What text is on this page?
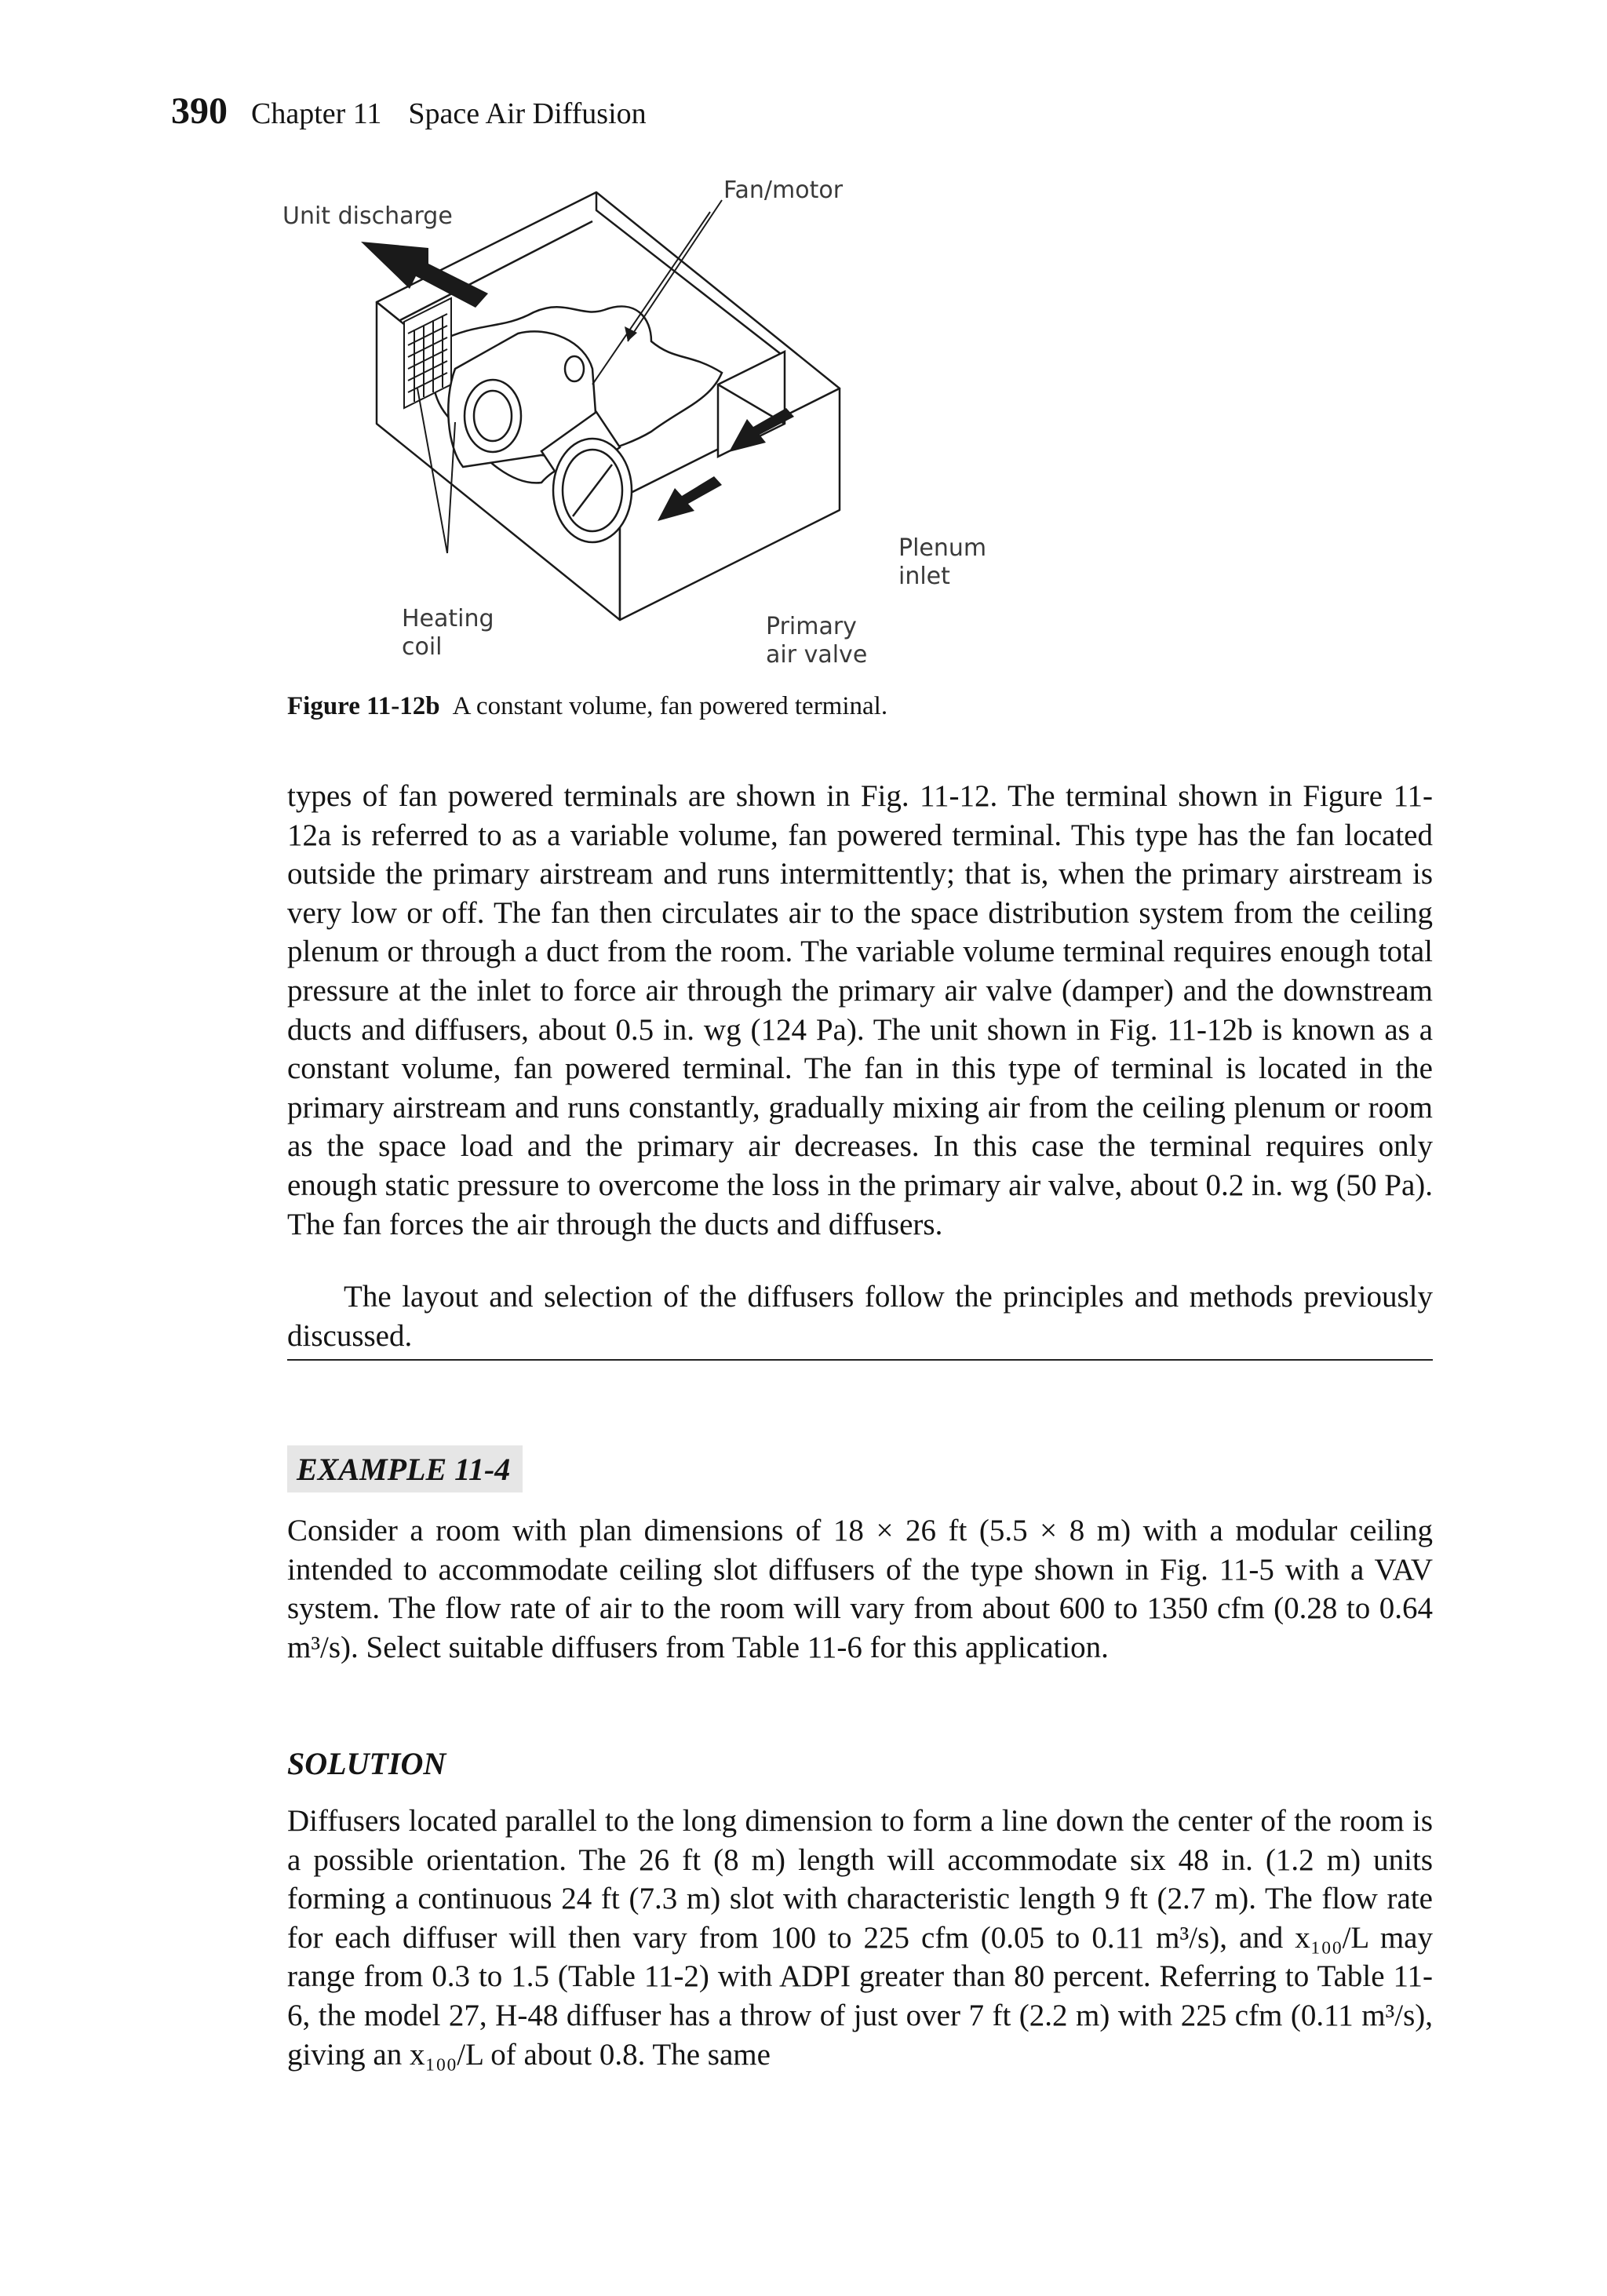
390 Chapter 11 Space Air Diffusion
Unit discharge
Fan/motor
Plenum
inlet
Heating
coil
Primary
air valve
Figure 11-12b A constant volume, fan powered terminal.
types of fan powered terminals are shown in Fig. 11-12. The terminal shown in Figure 11-12a is referred to as a variable volume, fan powered terminal. This type has the fan located outside the primary airstream and runs intermittently; that is, when the primary airstream is very low or off. The fan then circulates air to the space distribution system from the ceiling plenum or through a duct from the room. The variable volume terminal requires enough total pressure at the inlet to force air through the primary air valve (damper) and the downstream ducts and diffusers, about 0.5 in. wg (124 Pa). The unit shown in Fig. 11-12b is known as a constant volume, fan powered terminal. The fan in this type of terminal is located in the primary airstream and runs constantly, gradually mixing air from the ceiling plenum or room as the space load and the primary air decreases. In this case the terminal requires only enough static pressure to overcome the loss in the primary air valve, about 0.2 in. wg (50 Pa). The fan forces the air through the ducts and diffusers.
The layout and selection of the diffusers follow the principles and methods previously discussed.
EXAMPLE 11-4
Consider a room with plan dimensions of 18 × 26 ft (5.5 × 8 m) with a modular ceiling intended to accommodate ceiling slot diffusers of the type shown in Fig. 11-5 with a VAV system. The flow rate of air to the room will vary from about 600 to 1350 cfm (0.28 to 0.64 m³/s). Select suitable diffusers from Table 11-6 for this application.
SOLUTION
Diffusers located parallel to the long dimension to form a line down the center of the room is a possible orientation. The 26 ft (8 m) length will accommodate six 48 in. (1.2 m) units forming a continuous 24 ft (7.3 m) slot with characteristic length 9 ft (2.7 m). The flow rate for each diffuser will then vary from 100 to 225 cfm (0.05 to 0.11 m³/s), and x₁₀₀/L may range from 0.3 to 1.5 (Table 11-2) with ADPI greater than 80 percent. Referring to Table 11-6, the model 27, H-48 diffuser has a throw of just over 7 ft (2.2 m) with 225 cfm (0.11 m³/s), giving an x₁₀₀/L of about 0.8. The same
